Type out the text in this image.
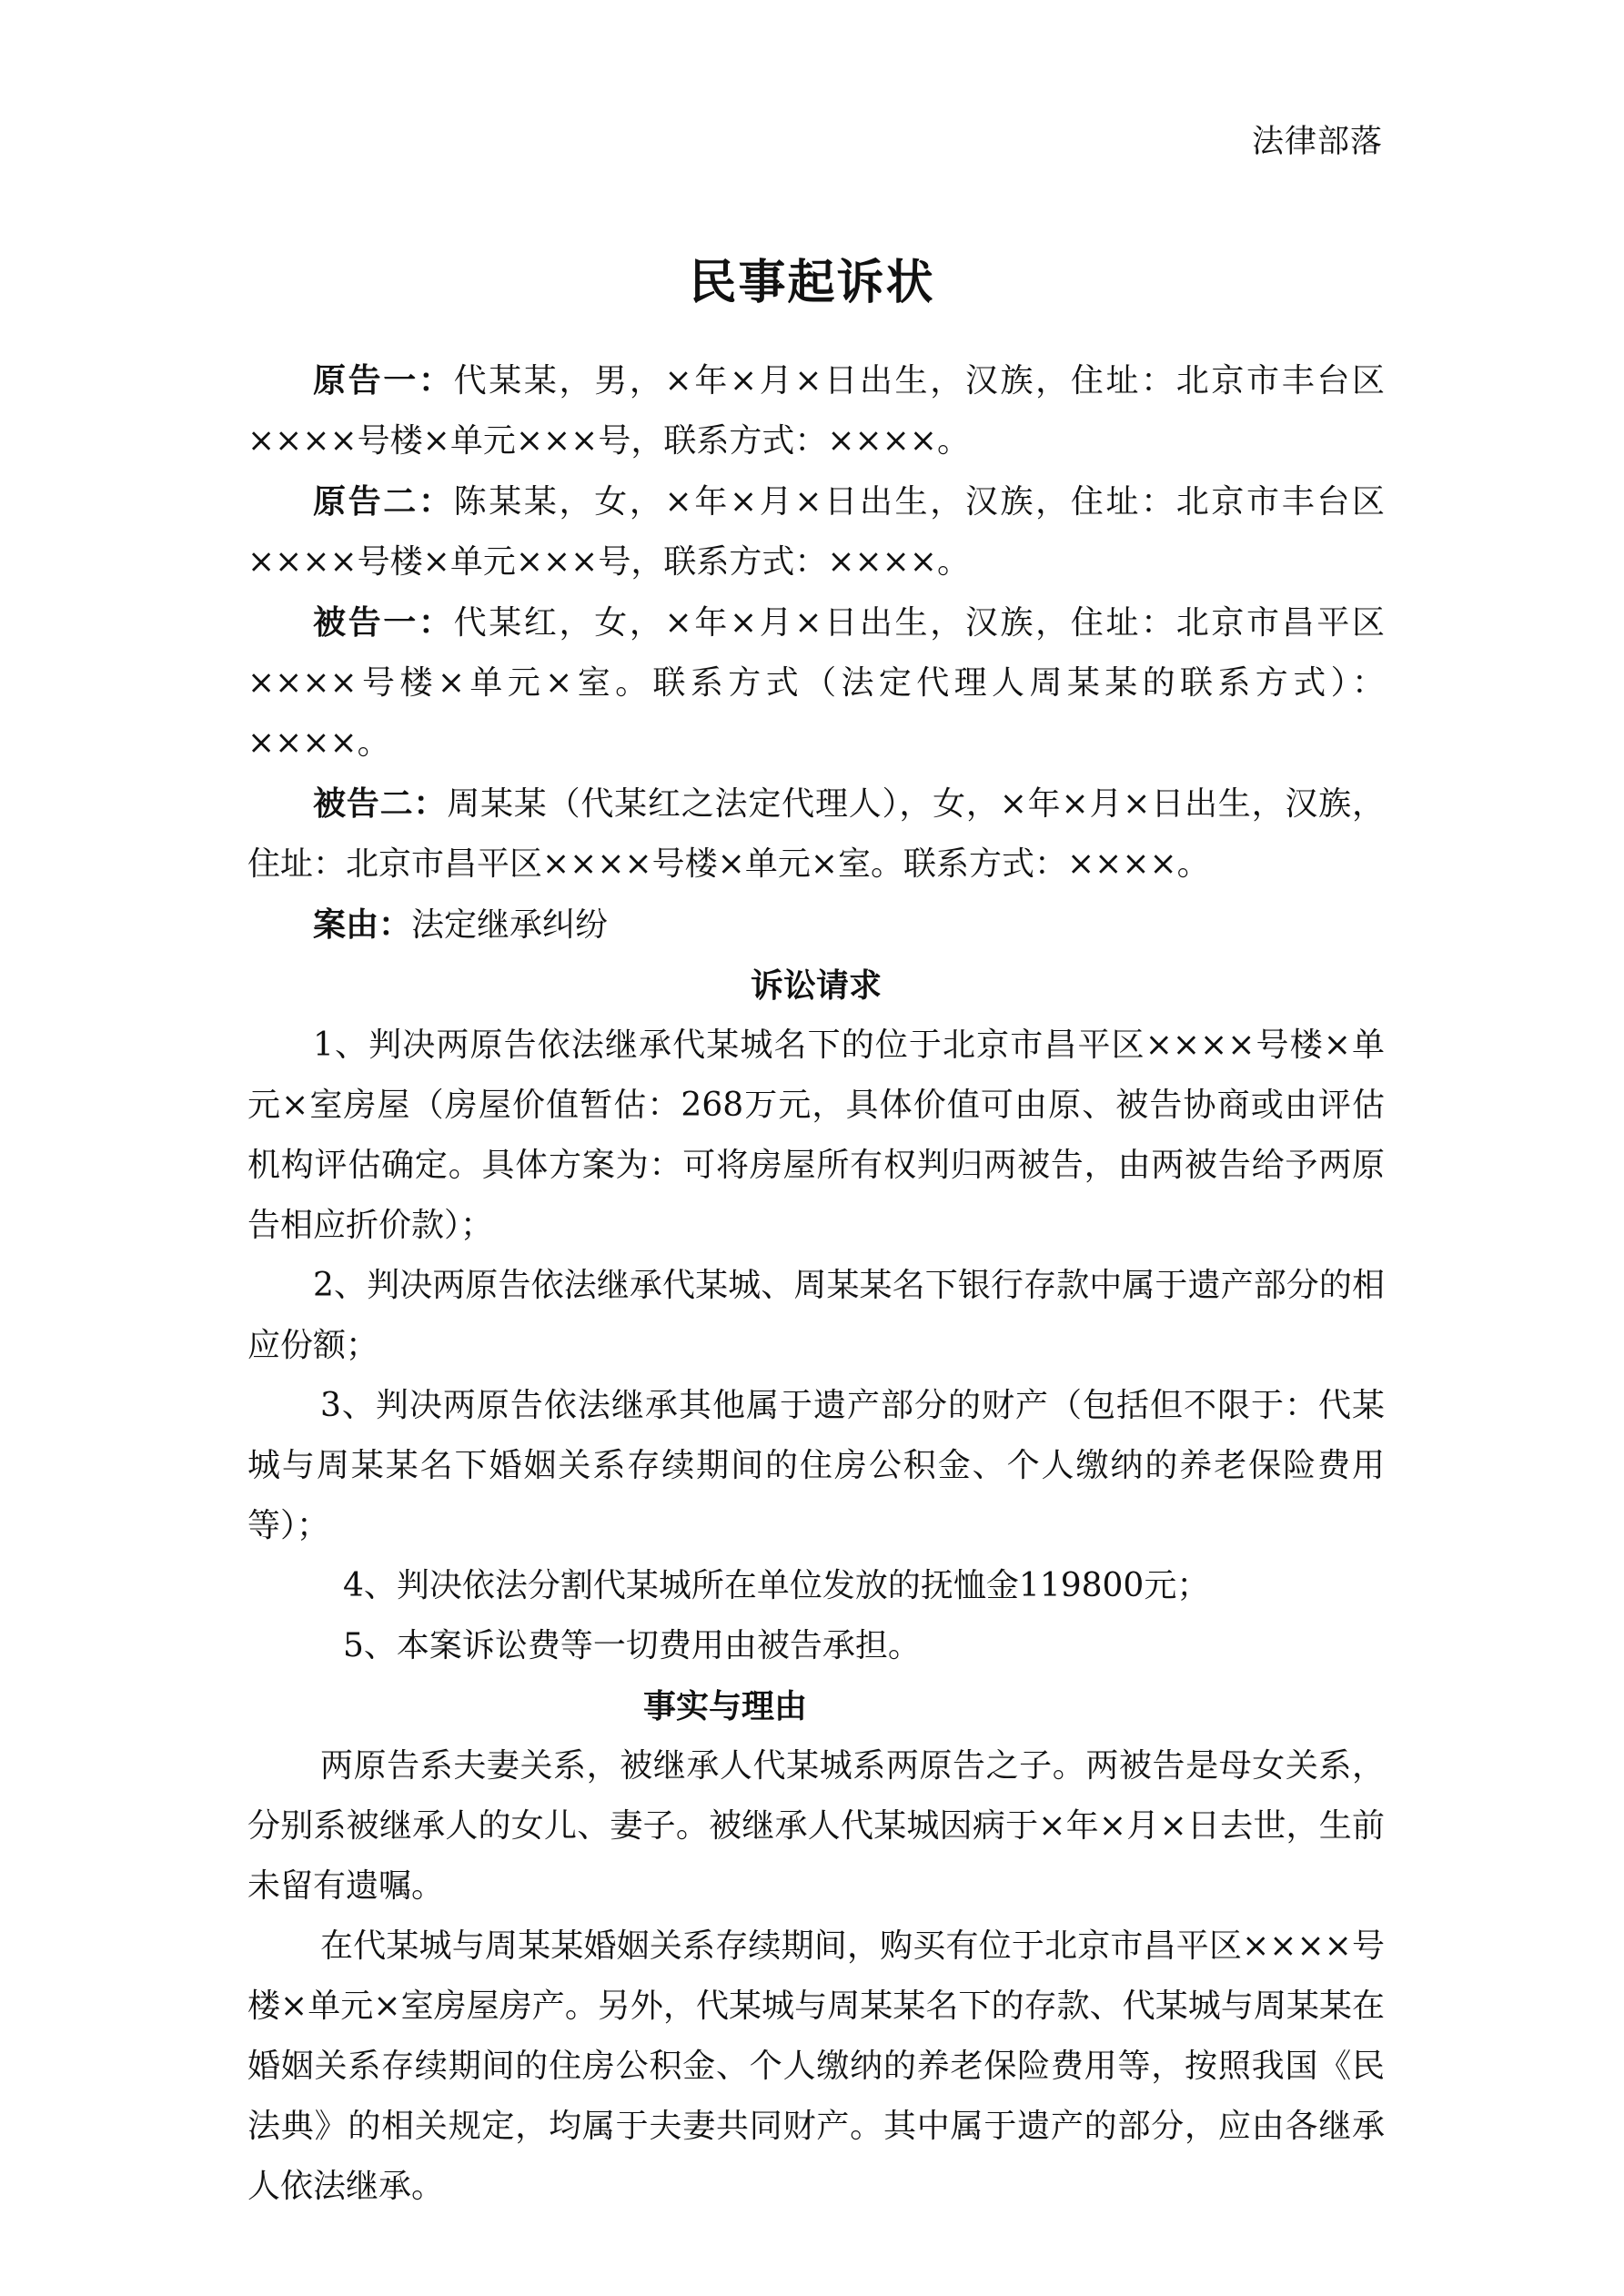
法律部落
民事起诉状

原告一：代某某，男，×年×月×日出生，汉族，住址：北京市丰台区××××号楼×单元×××号，联系方式：××××。

原告二：陈某某，女，×年×月×日出生，汉族，住址：北京市丰台区××××号楼×单元×××号，联系方式：××××。

被告一：代某红，女，×年×月×日出生，汉族，住址：北京市昌平区××××号楼×单元×室。联系方式（法定代理人周某某的联系方式）：××××。

被告二：周某某（代某红之法定代理人），女，×年×月×日出生，汉族，住址：北京市昌平区××××号楼×单元×室。联系方式：××××。

案由：法定继承纠纷

诉讼请求

1、判决两原告依法继承代某城名下的位于北京市昌平区××××号楼×单元×室房屋（房屋价值暂估：268万元，具体价值可由原、被告协商或由评估机构评估确定。具体方案为：可将房屋所有权判归两被告，由两被告给予两原告相应折价款）；

2、判决两原告依法继承代某城、周某某名下银行存款中属于遗产部分的相应份额；

3、判决两原告依法继承其他属于遗产部分的财产（包括但不限于：代某城与周某某名下婚姻关系存续期间的住房公积金、个人缴纳的养老保险费用等）；

4、判决依法分割代某城所在单位发放的抚恤金119800元；

5、本案诉讼费等一切费用由被告承担。

事实与理由

两原告系夫妻关系，被继承人代某城系两原告之子。两被告是母女关系，分别系被继承人的女儿、妻子。被继承人代某城因病于×年×月×日去世，生前未留有遗嘱。

在代某城与周某某婚姻关系存续期间，购买有位于北京市昌平区××××号楼×单元×室房屋房产。另外，代某城与周某某名下的存款、代某城与周某某在婚姻关系存续期间的住房公积金、个人缴纳的养老保险费用等，按照我国《民法典》的相关规定，均属于夫妻共同财产。其中属于遗产的部分，应由各继承人依法继承。
